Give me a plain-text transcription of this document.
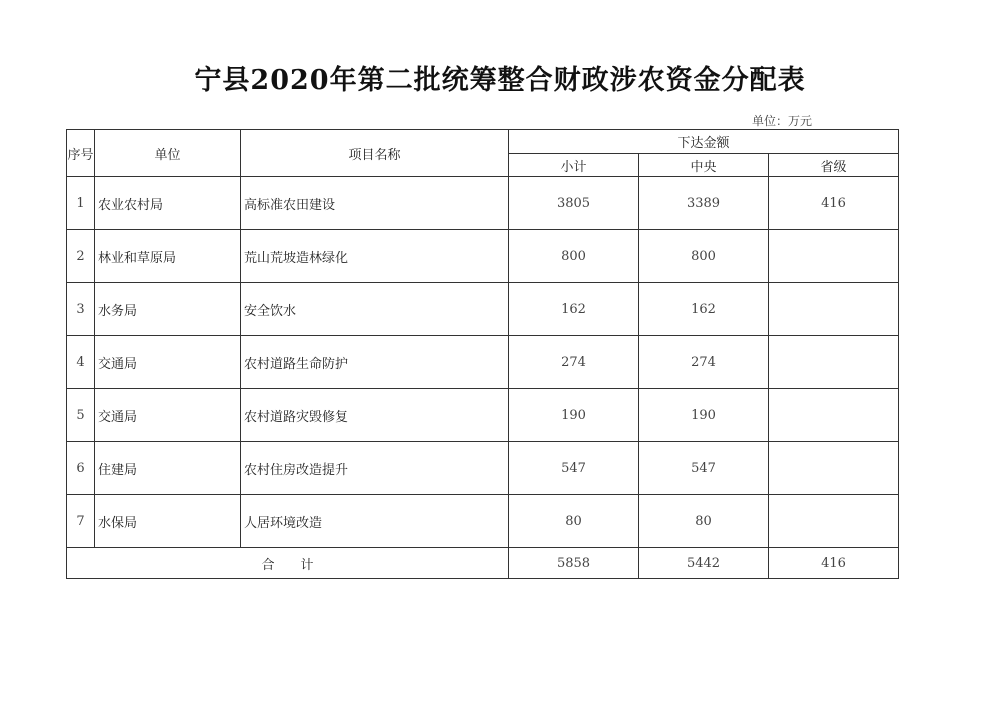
宁县2020年第二批统筹整合财政涉农资金分配表
单位：万元
序号	单位	项目名称	下达金额		
			小计	中央	省级
1	农业农村局	高标准农田建设	3805	3389	416
2	林业和草原局	荒山荒坡造林绿化	800	800	
3	水务局	安全饮水	162	162	
4	交通局	农村道路生命防护	274	274	
5	交通局	农村道路灾毁修复	190	190	
6	住建局	农村住房改造提升	547	547	
7	水保局	人居环境改造	80	80	
合　　计			5858	5442	416
